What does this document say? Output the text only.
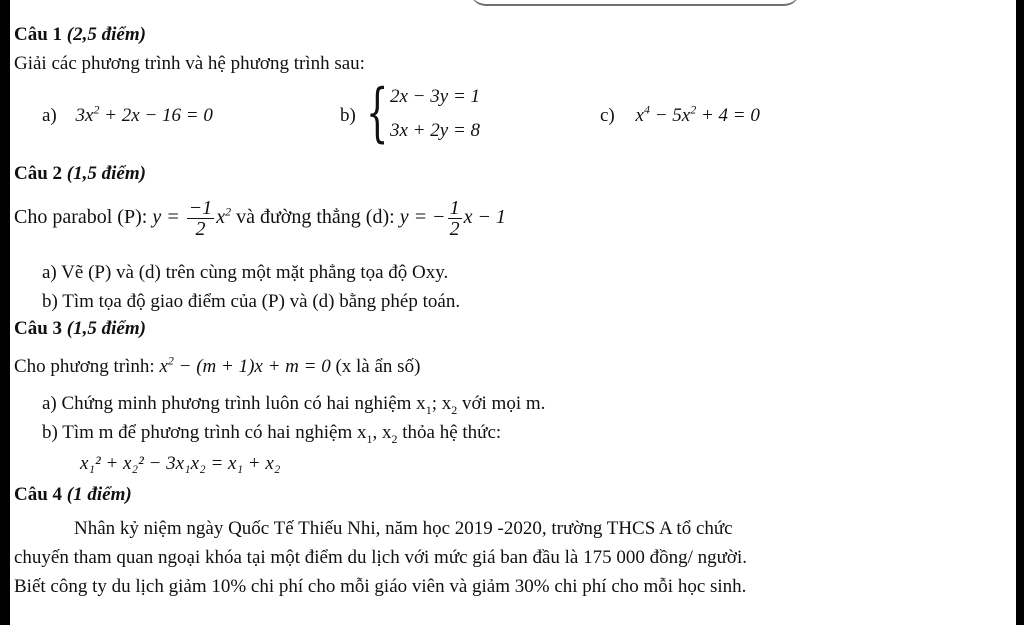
Câu 1 (2,5 điểm)
Giải các phương trình và hệ phương trình sau:
a) $3x^2 + 2x - 16 = 0$	b) { 2x − 3y = 1
3x + 2y = 8
c) $x^4 - 5x^2 + 4 = 0$
Câu 2 (1,5 điểm)
Cho parabol (P): $y = \frac{-1}{2} x^2$ và đường thẳng (d): y = − $\frac{1}{2}$ x − 1
a) Vẽ (P) và (d) trên cùng một mặt phẳng tọa độ Oxy.
b) Tìm tọa độ giao điểm của (P) và (d) bằng phép toán.
Câu 3 (1,5 điểm)
Cho phương trình: $x^2 - (m + 1)x + m = 0$ (x là ẩn số)
a) Chứng minh phương trình luôn có hai nghiệm $x_1$; $x_2$ với mọi m.
b) Tìm m để phương trình có hai nghiệm $x_1$, $x_2$ thỏa hệ thức:
x₁² + x₂² − 3x₁x₂ = x₁ + x₂
Câu 4 (1 điểm)
Nhân kỷ niệm ngày Quốc Tế Thiếu Nhi, năm học 2019 -2020, trường THCS A tổ chức
chuyến tham quan ngoại khóa tại một điểm du lịch với mức giá ban đầu là 175 000 đồng/ người.
Biết công ty du lịch giảm 10% chi phí cho mỗi giáo viên và giảm 30% chi phí cho mỗi học sinh.
